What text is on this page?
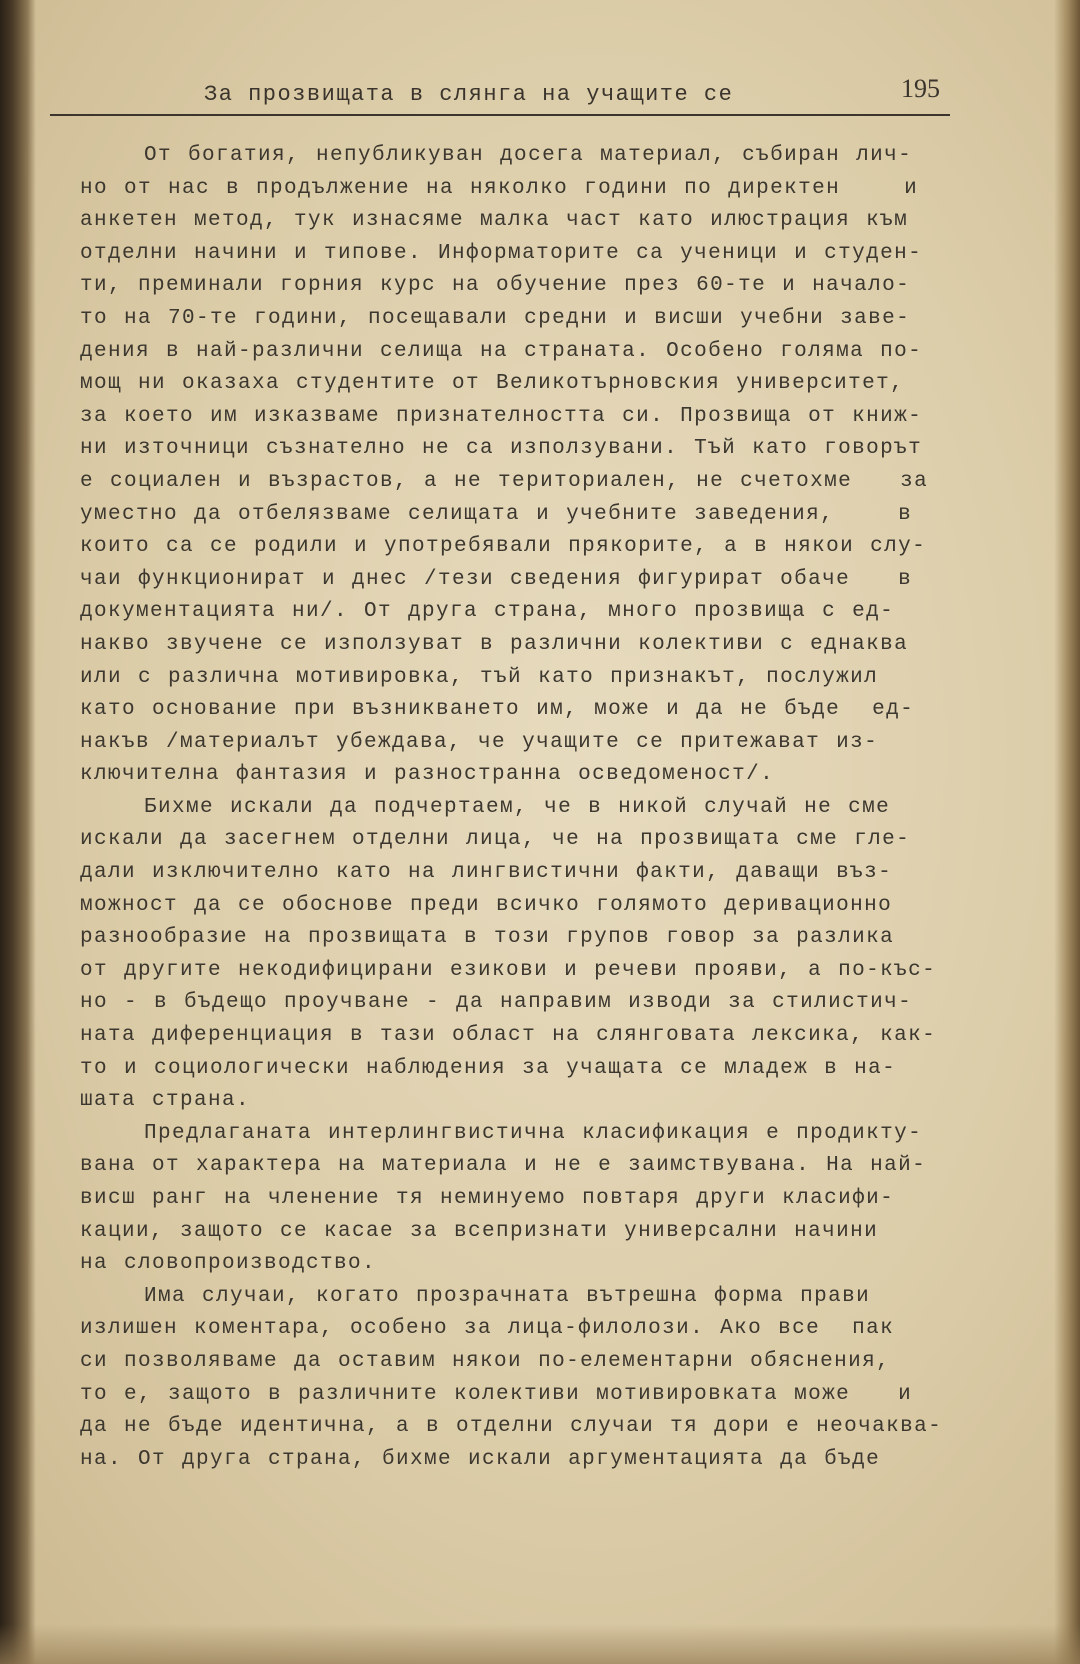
За прозвищата в слянга на учащите се	195
От богатия, непубликуван досега материал, събиран лич-
но от нас в продължение на няколко години по директен    и
анкетен метод, тук изнасяме малка част като илюстрация към
отделни начини и типове. Информаторите са ученици и студен-
ти, преминали горния курс на обучение през 60-те и начало-
то на 70-те години, посещавали средни и висши учебни заве-
дения в най-различни селища на страната. Особено голяма по-
мощ ни оказаха студентите от Великотърновския университет,
за което им изказваме признателността си. Прозвища от книж-
ни източници съзнателно не са използувани. Тъй като говорът
е социален и възрастов, а не териториален, не счетохме   за
уместно да отбелязваме селищата и учебните заведения,    в
които са се родили и употребявали прякорите, а в някои слу-
чаи функционират и днес /тези сведения фигурират обаче   в
документацията ни/. От друга страна, много прозвища с ед-
накво звучене се използуват в различни колективи с еднаква
или с различна мотивировка, тъй като признакът, послужил
като основание при възникването им, може и да не бъде  ед-
накъв /материалът убеждава, че учащите се притежават из-
ключителна фантазия и разностранна осведоменост/.
Бихме искали да подчертаем, че в никой случай не сме
искали да засегнем отделни лица, че на прозвищата сме гле-
дали изключително като на лингвистични факти, даващи въз-
можност да се обоснове преди всичко голямото деривационно
разнообразие на прозвищата в този групов говор за разлика
от другите некодифицирани езикови и речеви прояви, а по-къс-
но - в бъдещо проучване - да направим изводи за стилистич-
ната диференциация в тази област на слянговата лексика, как-
то и социологически наблюдения за учащата се младеж в на-
шата страна.
Предлаганата интерлингвистична класификация е продикту-
вана от характера на материала и не е заимствувана. На най-
висш ранг на членение тя неминуемо повтаря други класифи-
кации, защото се касае за всепризнати универсални начини
на словопроизводство.
Има случаи, когато прозрачната вътрешна форма прави
излишен коментара, особено за лица-филолози. Ако все  пак
си позволяваме да оставим някои по-елементарни обяснения,
то е, защото в различните колективи мотивировката може   и
да не бъде идентична, а в отделни случаи тя дори е неочаква-
на. От друга страна, бихме искали аргументацията да бъде
